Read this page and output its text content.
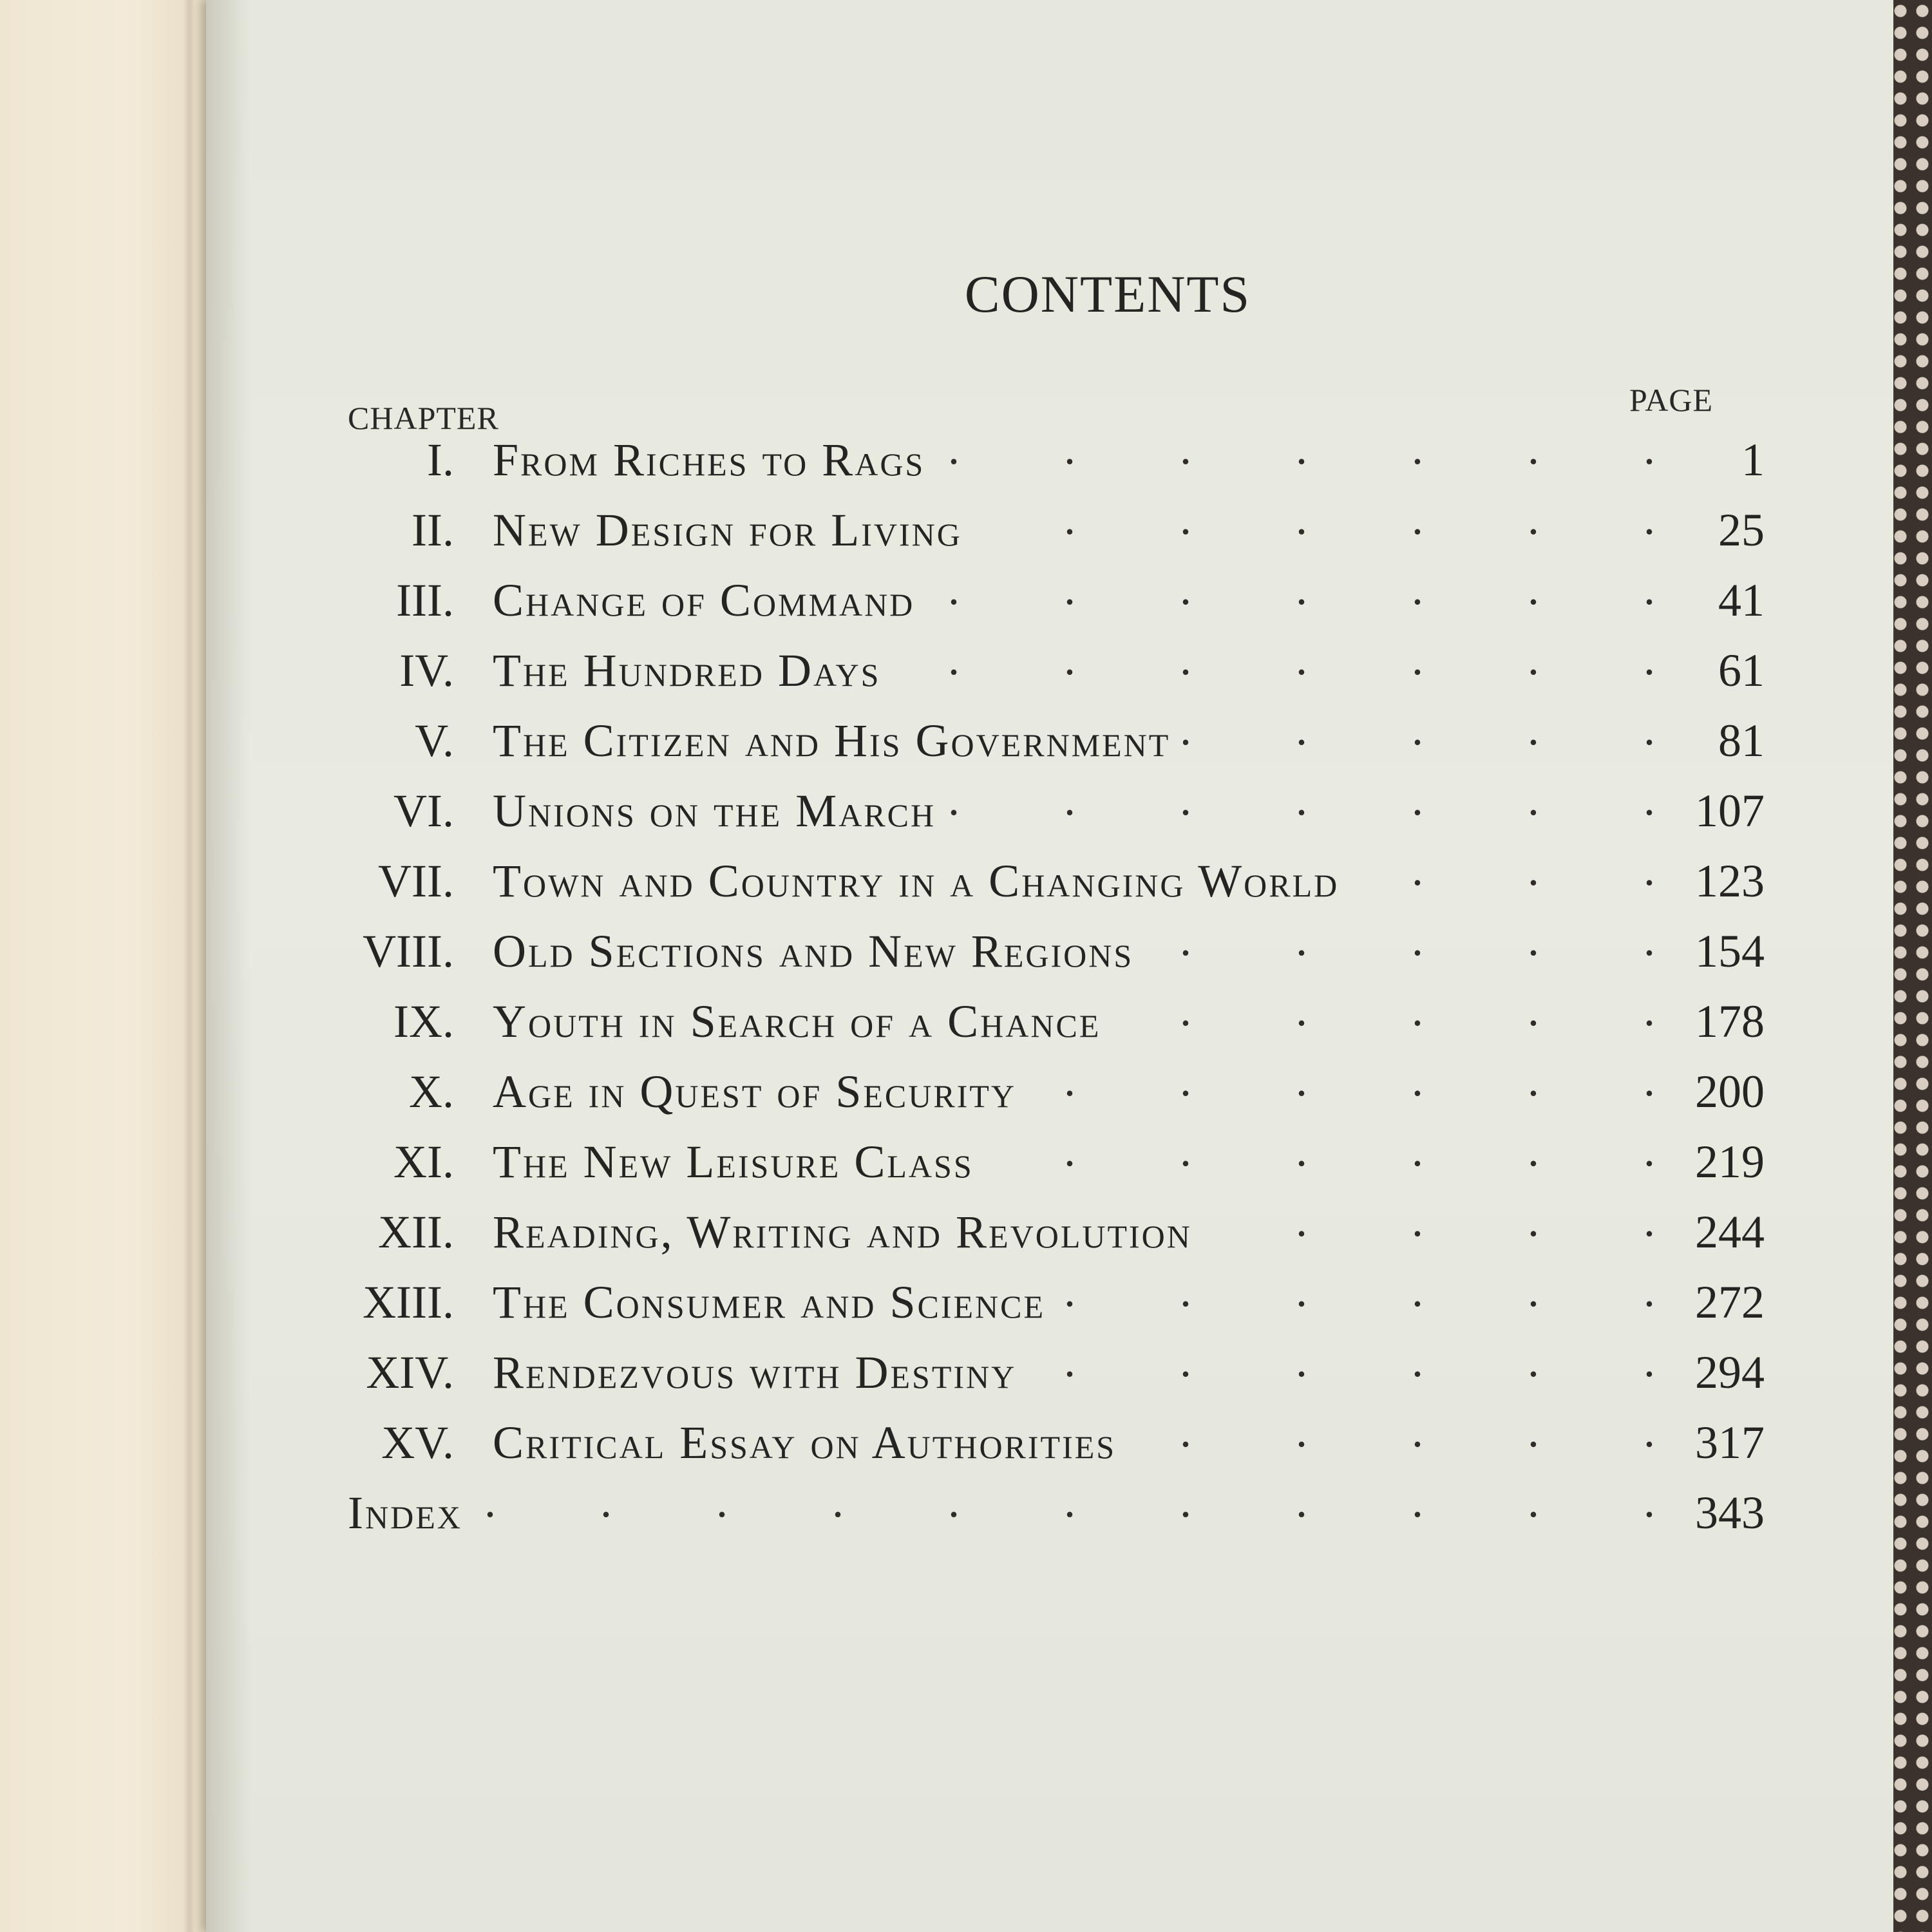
CONTENTS

CHAPTER	PAGE

I. From Riches to Rags .	1
II. New Design for Living .	25
III. Change of Command .	41
IV. The Hundred Days .	61
V. The Citizen and His Government .	81
VI. Unions on the March .	107
VII. Town and Country in a Changing World .	123
VIII. Old Sections and New Regions .	154
IX. Youth in Search of a Chance .	178
X. Age in Quest of Security .	200
XI. The New Leisure Class .	219
XII. Reading, Writing and Revolution .	244
XIII. The Consumer and Science .	272
XIV. Rendezvous with Destiny .	294
XV. Critical Essay on Authorities .	317
Index .	343
